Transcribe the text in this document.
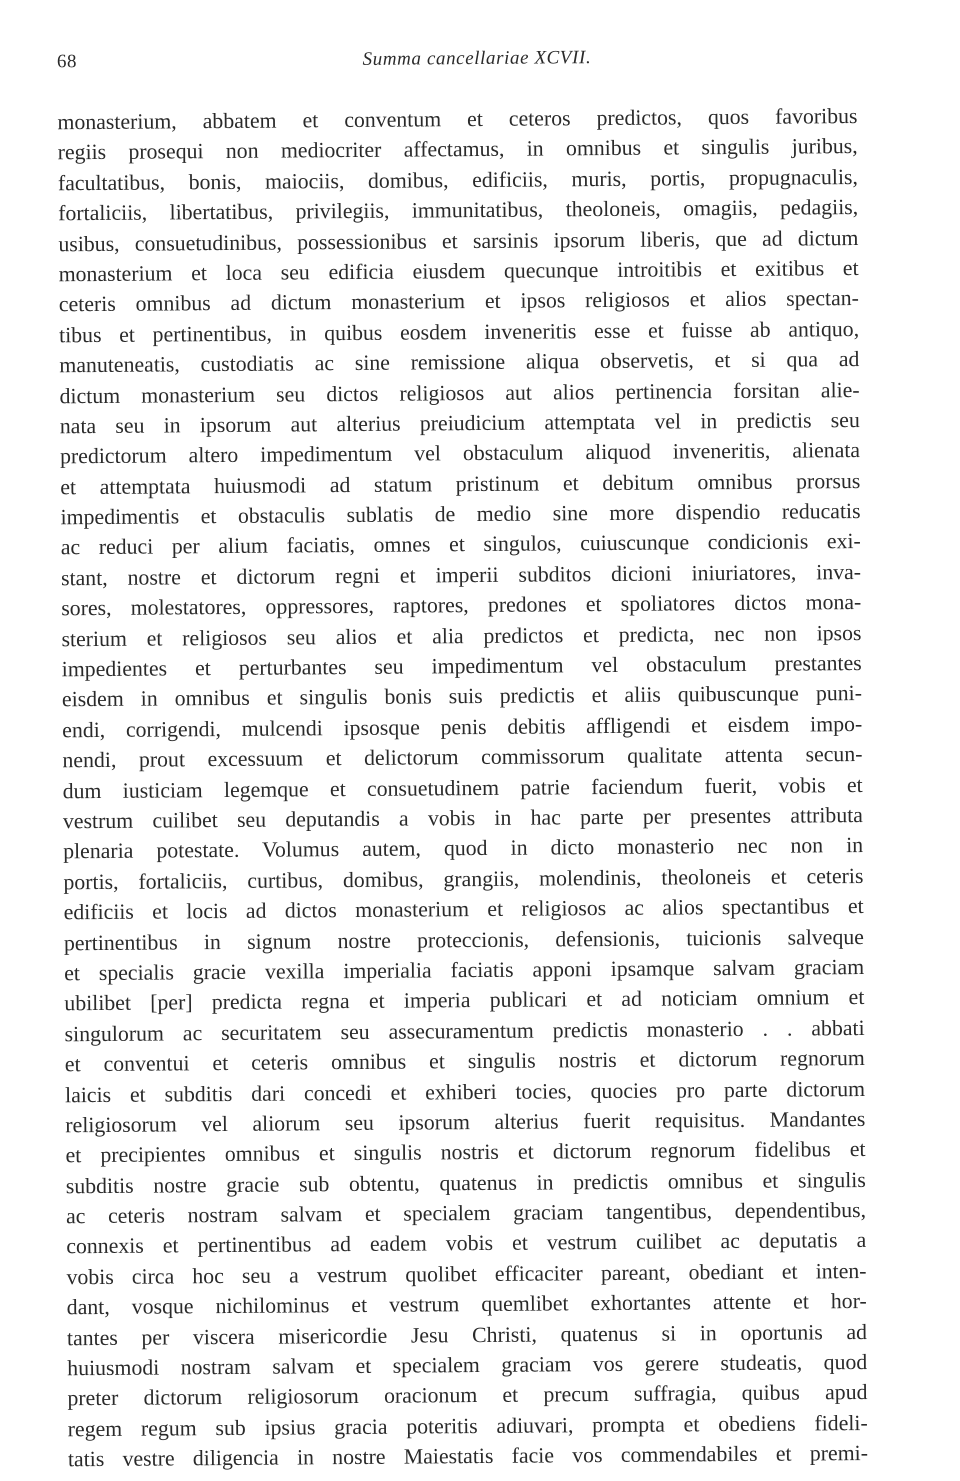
68	Summa cancellariae XCVII.
monasterium, abbatem et conventum et ceteros predictos, quos favoribus
regiis prosequi non mediocriter affectamus, in omnibus et singulis juribus,
facultatibus, bonis, maiociis, domibus, edificiis, muris, portis, propugnaculis,
fortaliciis, libertatibus, privilegiis, immunitatibus, theoloneis, omagiis, pedagiis,
usibus, consuetudinibus, possessionibus et sarsinis ipsorum liberis, que ad dictum
monasterium et loca seu edificia eiusdem quecunque introitibis et exitibus et
ceteris omnibus ad dictum monasterium et ipsos religiosos et alios spectan-
tibus et pertinentibus, in quibus eosdem inveneritis esse et fuisse ab antiquo,
manuteneatis, custodiatis ac sine remissione aliqua observetis, et si qua ad
dictum monasterium seu dictos religiosos aut alios pertinencia forsitan alie-
nata seu in ipsorum aut alterius preiudicium attemptata vel in predictis seu
predictorum altero impedimentum vel obstaculum aliquod inveneritis, alienata
et attemptata huiusmodi ad statum pristinum et debitum omnibus prorsus
impedimentis et obstaculis sublatis de medio sine more dispendio reducatis
ac reduci per alium faciatis, omnes et singulos, cuiuscunque condicionis exi-
stant, nostre et dictorum regni et imperii subditos dicioni iniuriatores, inva-
sores, molestatores, oppressores, raptores, predones et spoliatores dictos mona-
sterium et religiosos seu alios et alia predictos et predicta, nec non ipsos
impedientes et perturbantes seu impedimentum vel obstaculum prestantes
eisdem in omnibus et singulis bonis suis predictis et aliis quibuscunque puni-
endi, corrigendi, mulcendi ipsosque penis debitis affligendi et eisdem impo-
nendi, prout excessuum et delictorum commissorum qualitate attenta secun-
dum iusticiam legemque et consuetudinem patrie faciendum fuerit, vobis et
vestrum cuilibet seu deputandis a vobis in hac parte per presentes attributa
plenaria potestate. Volumus autem, quod in dicto monasterio nec non in
portis, fortaliciis, curtibus, domibus, grangiis, molendinis, theoloneis et ceteris
edificiis et locis ad dictos monasterium et religiosos ac alios spectantibus et
pertinentibus in signum nostre proteccionis, defensionis, tuicionis salveque
et specialis gracie vexilla imperialia faciatis apponi ipsamque salvam graciam
ubilibet [per] predicta regna et imperia publicari et ad noticiam omnium et
singulorum ac securitatem seu assecuramentum predictis monasterio . . abbati
et conventui et ceteris omnibus et singulis nostris et dictorum regnorum
laicis et subditis dari concedi et exhiberi tocies, quocies pro parte dictorum
religiosorum vel aliorum seu ipsorum alterius fuerit requisitus. Mandantes
et precipientes omnibus et singulis nostris et dictorum regnorum fidelibus et
subditis nostre gracie sub obtentu, quatenus in predictis omnibus et singulis
ac ceteris nostram salvam et specialem graciam tangentibus, dependentibus,
connexis et pertinentibus ad eadem vobis et vestrum cuilibet ac deputatis a
vobis circa hoc seu a vestrum quolibet efficaciter pareant, obediant et inten-
dant, vosque nichilominus et vestrum quemlibet exhortantes attente et hor-
tantes per viscera misericordie Jesu Christi, quatenus si in oportunis ad
huiusmodi nostram salvam et specialem graciam vos gerere studeatis, quod
preter dictorum religiosorum oracionum et precum suffragia, quibus apud
regem regum sub ipsius gracia poteritis adiuvari, prompta et obediens fideli-
tatis vestre diligencia in nostre Maiestatis facie vos commendabiles et premi-
